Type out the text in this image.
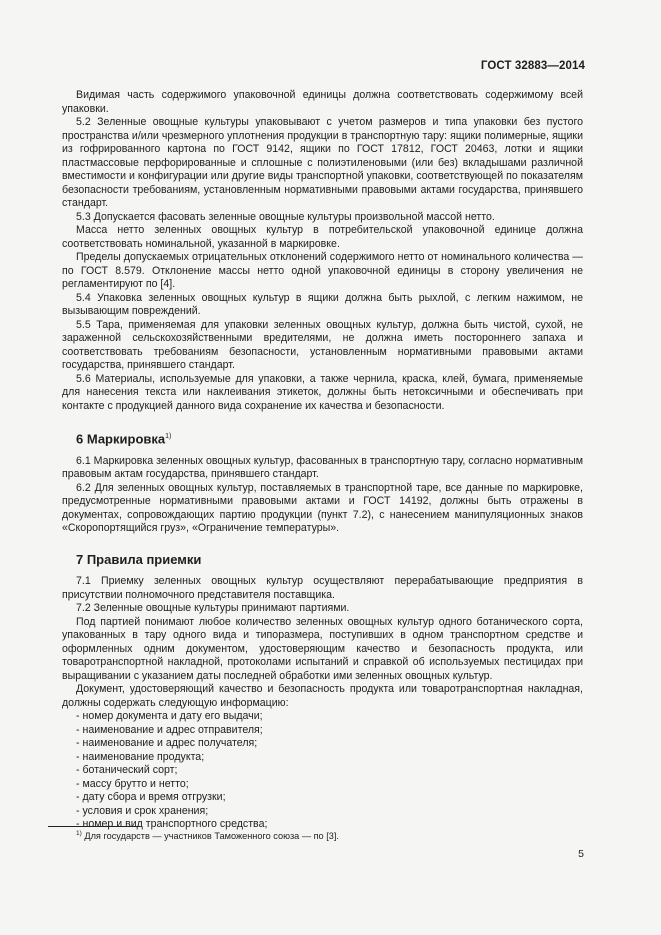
ГОСТ 32883—2014

Видимая часть содержимого упаковочной единицы должна соответствовать содержимому всей упаковки.

5.2 Зеленные овощные культуры упаковывают с учетом размеров и типа упаковки без пустого пространства и/или чрезмерного уплотнения продукции в транспортную тару: ящики полимерные, ящики из гофрированного картона по ГОСТ 9142, ящики по ГОСТ 17812, ГОСТ 20463, лотки и ящики пластмассовые перфорированные и сплошные с полиэтиленовыми (или без) вкладышами различной вместимости и конфигурации или другие виды транспортной упаковки, соответствующей по показателям безопасности требованиям, установленным нормативными правовыми актами государства, принявшего стандарт.

5.3 Допускается фасовать зеленные овощные культуры произвольной массой нетто.

Масса нетто зеленных овощных культур в потребительской упаковочной единице должна соответствовать номинальной, указанной в маркировке.

Пределы допускаемых отрицательных отклонений содержимого нетто от номинального количества — по ГОСТ 8.579. Отклонение массы нетто одной упаковочной единицы в сторону увеличения не регламентируют по [4].

5.4 Упаковка зеленных овощных культур в ящики должна быть рыхлой, с легким нажимом, не вызывающим повреждений.

5.5 Тара, применяемая для упаковки зеленных овощных культур, должна быть чистой, сухой, не зараженной сельскохозяйственными вредителями, не должна иметь постороннего запаха и соответствовать требованиям безопасности, установленным нормативными правовыми актами государства, принявшего стандарт.

5.6 Материалы, используемые для упаковки, а также чернила, краска, клей, бумага, применяемые для нанесения текста или наклеивания этикеток, должны быть нетоксичными и обеспечивать при контакте с продукцией данного вида сохранение их качества и безопасности.

6 Маркировка$^{1)}$

6.1 Маркировка зеленных овощных культур, фасованных в транспортную тару, согласно нормативным правовым актам государства, принявшего стандарт.

6.2 Для зеленных овощных культур, поставляемых в транспортной таре, все данные по маркировке, предусмотренные нормативными правовыми актами и ГОСТ 14192, должны быть отражены в документах, сопровождающих партию продукции (пункт 7.2), с нанесением манипуляционных знаков «Скоропортящийся груз», «Ограничение температуры».

7 Правила приемки

7.1 Приемку зеленных овощных культур осуществляют перерабатывающие предприятия в присутствии полномочного представителя поставщика.

7.2 Зеленные овощные культуры принимают партиями.

Под партией понимают любое количество зеленных овощных культур одного ботанического сорта, упакованных в тару одного вида и типоразмера, поступивших в одном транспортном средстве и оформленных одним документом, удостоверяющим качество и безопасность продукта, или товаротранспортной накладной, протоколами испытаний и справкой об используемых пестицидах при выращивании с указанием даты последней обработки ими зеленных овощных культур.

Документ, удостоверяющий качество и безопасность продукта или товаротранспортная накладная, должны содержать следующую информацию:

- номер документа и дату его выдачи;
- наименование и адрес отправителя;
- наименование и адрес получателя;
- наименование продукта;
- ботанический сорт;
- массу брутто и нетто;
- дату сбора и время отгрузки;
- условия и срок хранения;
- номер и вид транспортного средства;
$^{1)}$ Для государств — участников Таможенного союза — по [3].
5
